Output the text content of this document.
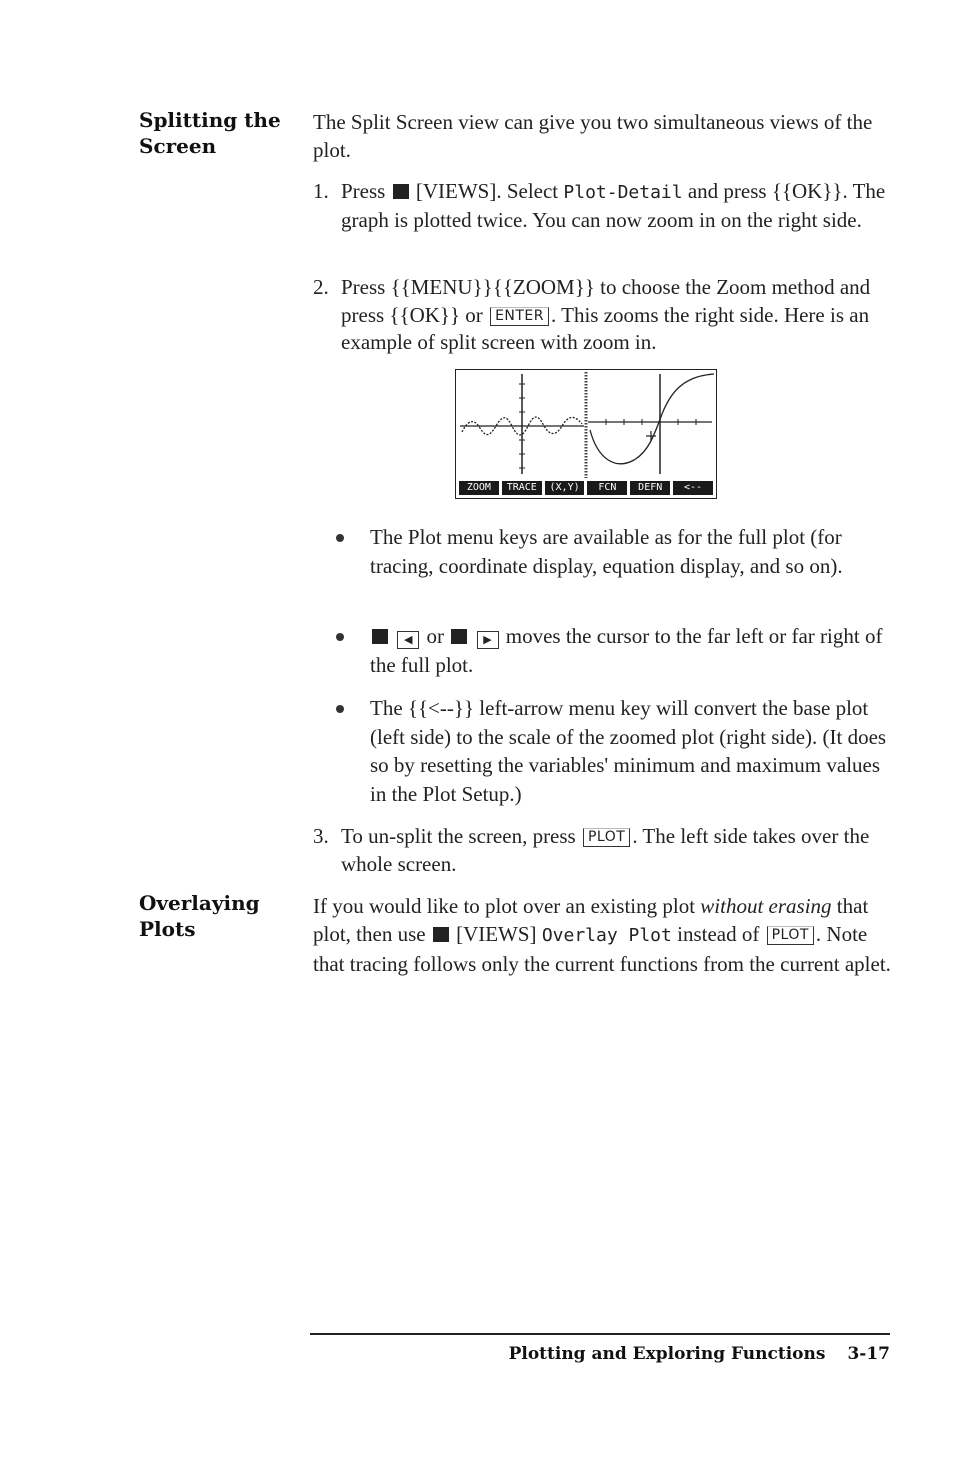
Splitting the
Screen
The Split Screen view can give you two simultaneous views of the plot.
1. Press [VIEWS]. Select Plot-Detail and press {{OK}}. The graph is plotted twice. You can now zoom in on the right side.
2. Press {{MENU}}{{ZOOM}} to choose the Zoom method and press {{OK}} or ENTER . This zooms the right side. Here is an example of split screen with zoom in.
ZOOM	TRACE	(X,Y)	FCN	DEFN	<--
The Plot menu keys are available as for the full plot (for tracing, coordinate display, equation display, and so on).
◀ or	▶ moves the cursor to the far left or far right of the full plot.
The {{<--}} left-arrow menu key will convert the base plot (left side) to the scale of the zoomed plot (right side). (It does so by resetting the variables' minimum and maximum values in the Plot Setup.)
3. To un-split the screen, press PLOT . The left side takes over the whole screen.
Overlaying
Plots
If you would like to plot over an existing plot without erasing that plot, then use [VIEWS] Overlay Plot instead of PLOT . Note that tracing follows only the current functions from the current aplet.
Plotting and Exploring Functions 3-17
